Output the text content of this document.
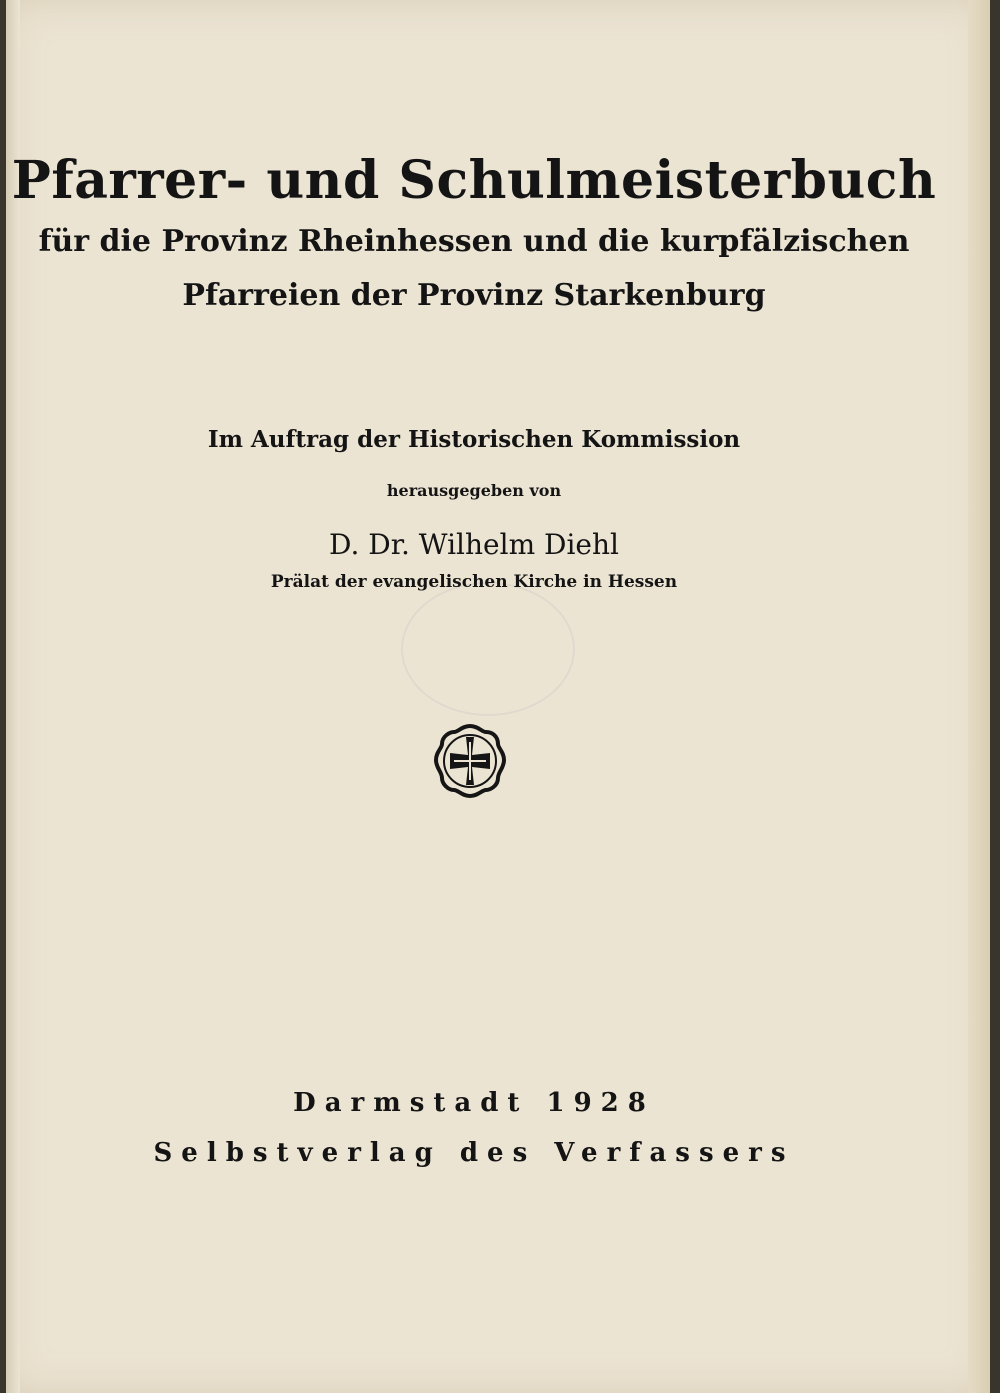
Pfarrer- und Schulmeisterbuch
für die Provinz Rheinhessen und die kurpfälzischen
Pfarreien der Provinz Starkenburg
Im Auftrag der Historischen Kommission
herausgegeben von
D. Dr. Wilhelm Diehl
Prälat der evangelischen Kirche in Hessen
Darmstadt 1928
Selbstverlag des Verfassers
